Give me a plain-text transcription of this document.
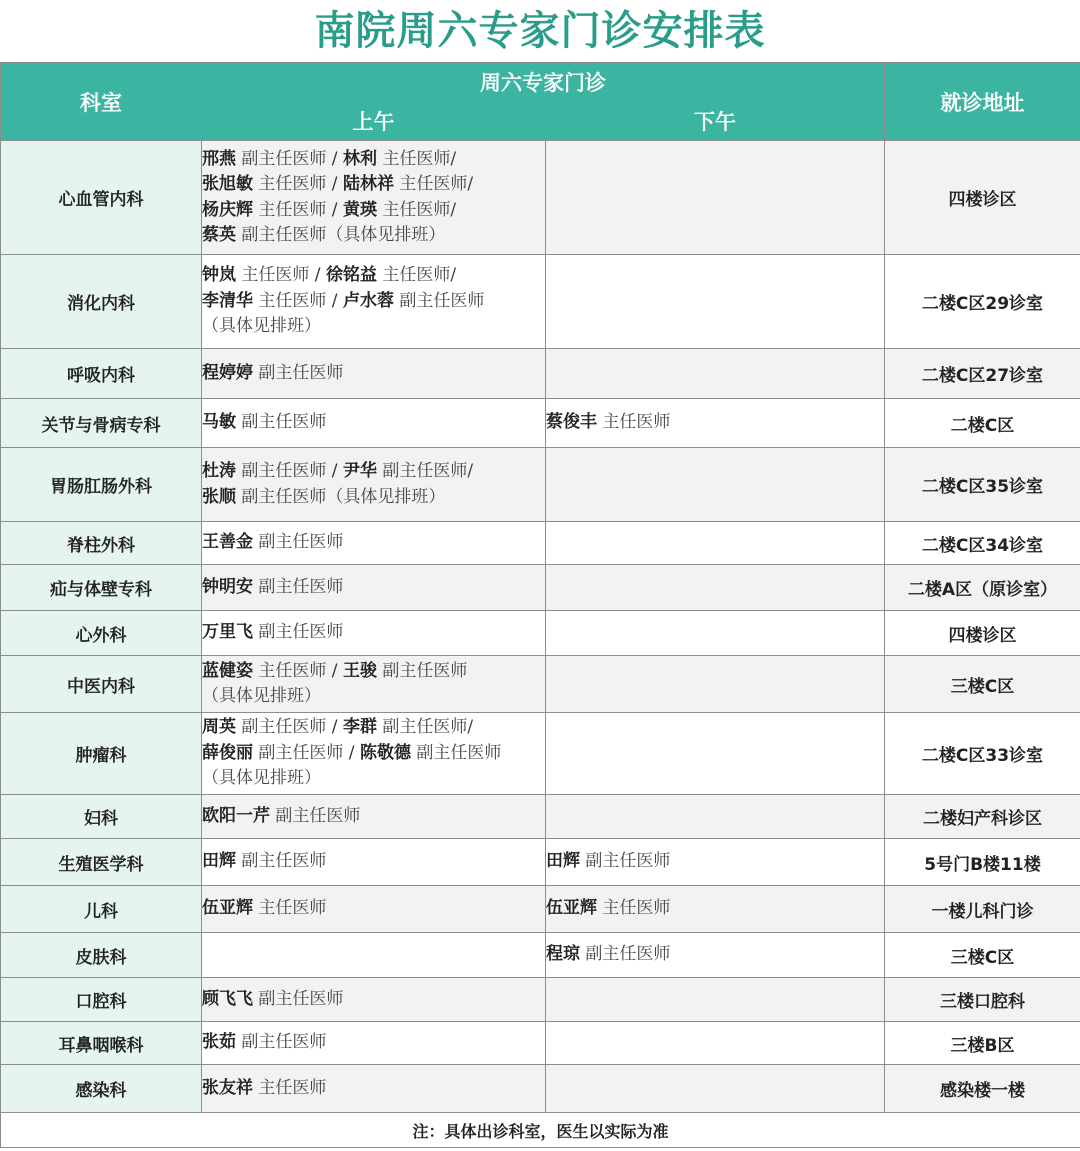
南院周六专家门诊安排表
科室	周六专家门诊		就诊地址
	上午	下午	
心血管内科	邢燕 副主任医师 / 林利 主任医师/
张旭敏 主任医师 / 陆林祥 主任医师/
杨庆辉 主任医师 / 黄瑛 主任医师/
蔡英 副主任医师（具体见排班）		四楼诊区
消化内科	钟岚 主任医师 / 徐铭益 主任医师/
李清华 主任医师 / 卢水蓉 副主任医师
（具体见排班）		二楼C区29诊室
呼吸内科	程婷婷 副主任医师		二楼C区27诊室
关节与骨病专科	马敏 副主任医师	蔡俊丰 主任医师	二楼C区
胃肠肛肠外科	杜涛 副主任医师 / 尹华 副主任医师/
张顺 副主任医师（具体见排班）		二楼C区35诊室
脊柱外科	王善金 副主任医师		二楼C区34诊室
疝与体壁专科	钟明安 副主任医师		二楼A区（原诊室）
心外科	万里飞 副主任医师		四楼诊区
中医内科	蓝健姿 主任医师 / 王骏 副主任医师
（具体见排班）		三楼C区
肿瘤科	周英 副主任医师 / 李群 副主任医师/
薛俊丽 副主任医师 / 陈敬德 副主任医师
（具体见排班）		二楼C区33诊室
妇科	欧阳一芹 副主任医师		二楼妇产科诊区
生殖医学科	田辉 副主任医师	田辉 副主任医师	5号门B楼11楼
儿科	伍亚辉 主任医师	伍亚辉 主任医师	一楼儿科门诊
皮肤科		程琼 副主任医师	三楼C区
口腔科	顾飞飞 副主任医师		三楼口腔科
耳鼻咽喉科	张茹 副主任医师		三楼B区
感染科	张友祥 主任医师		感染楼一楼
注：具体出诊科室，医生以实际为准			
